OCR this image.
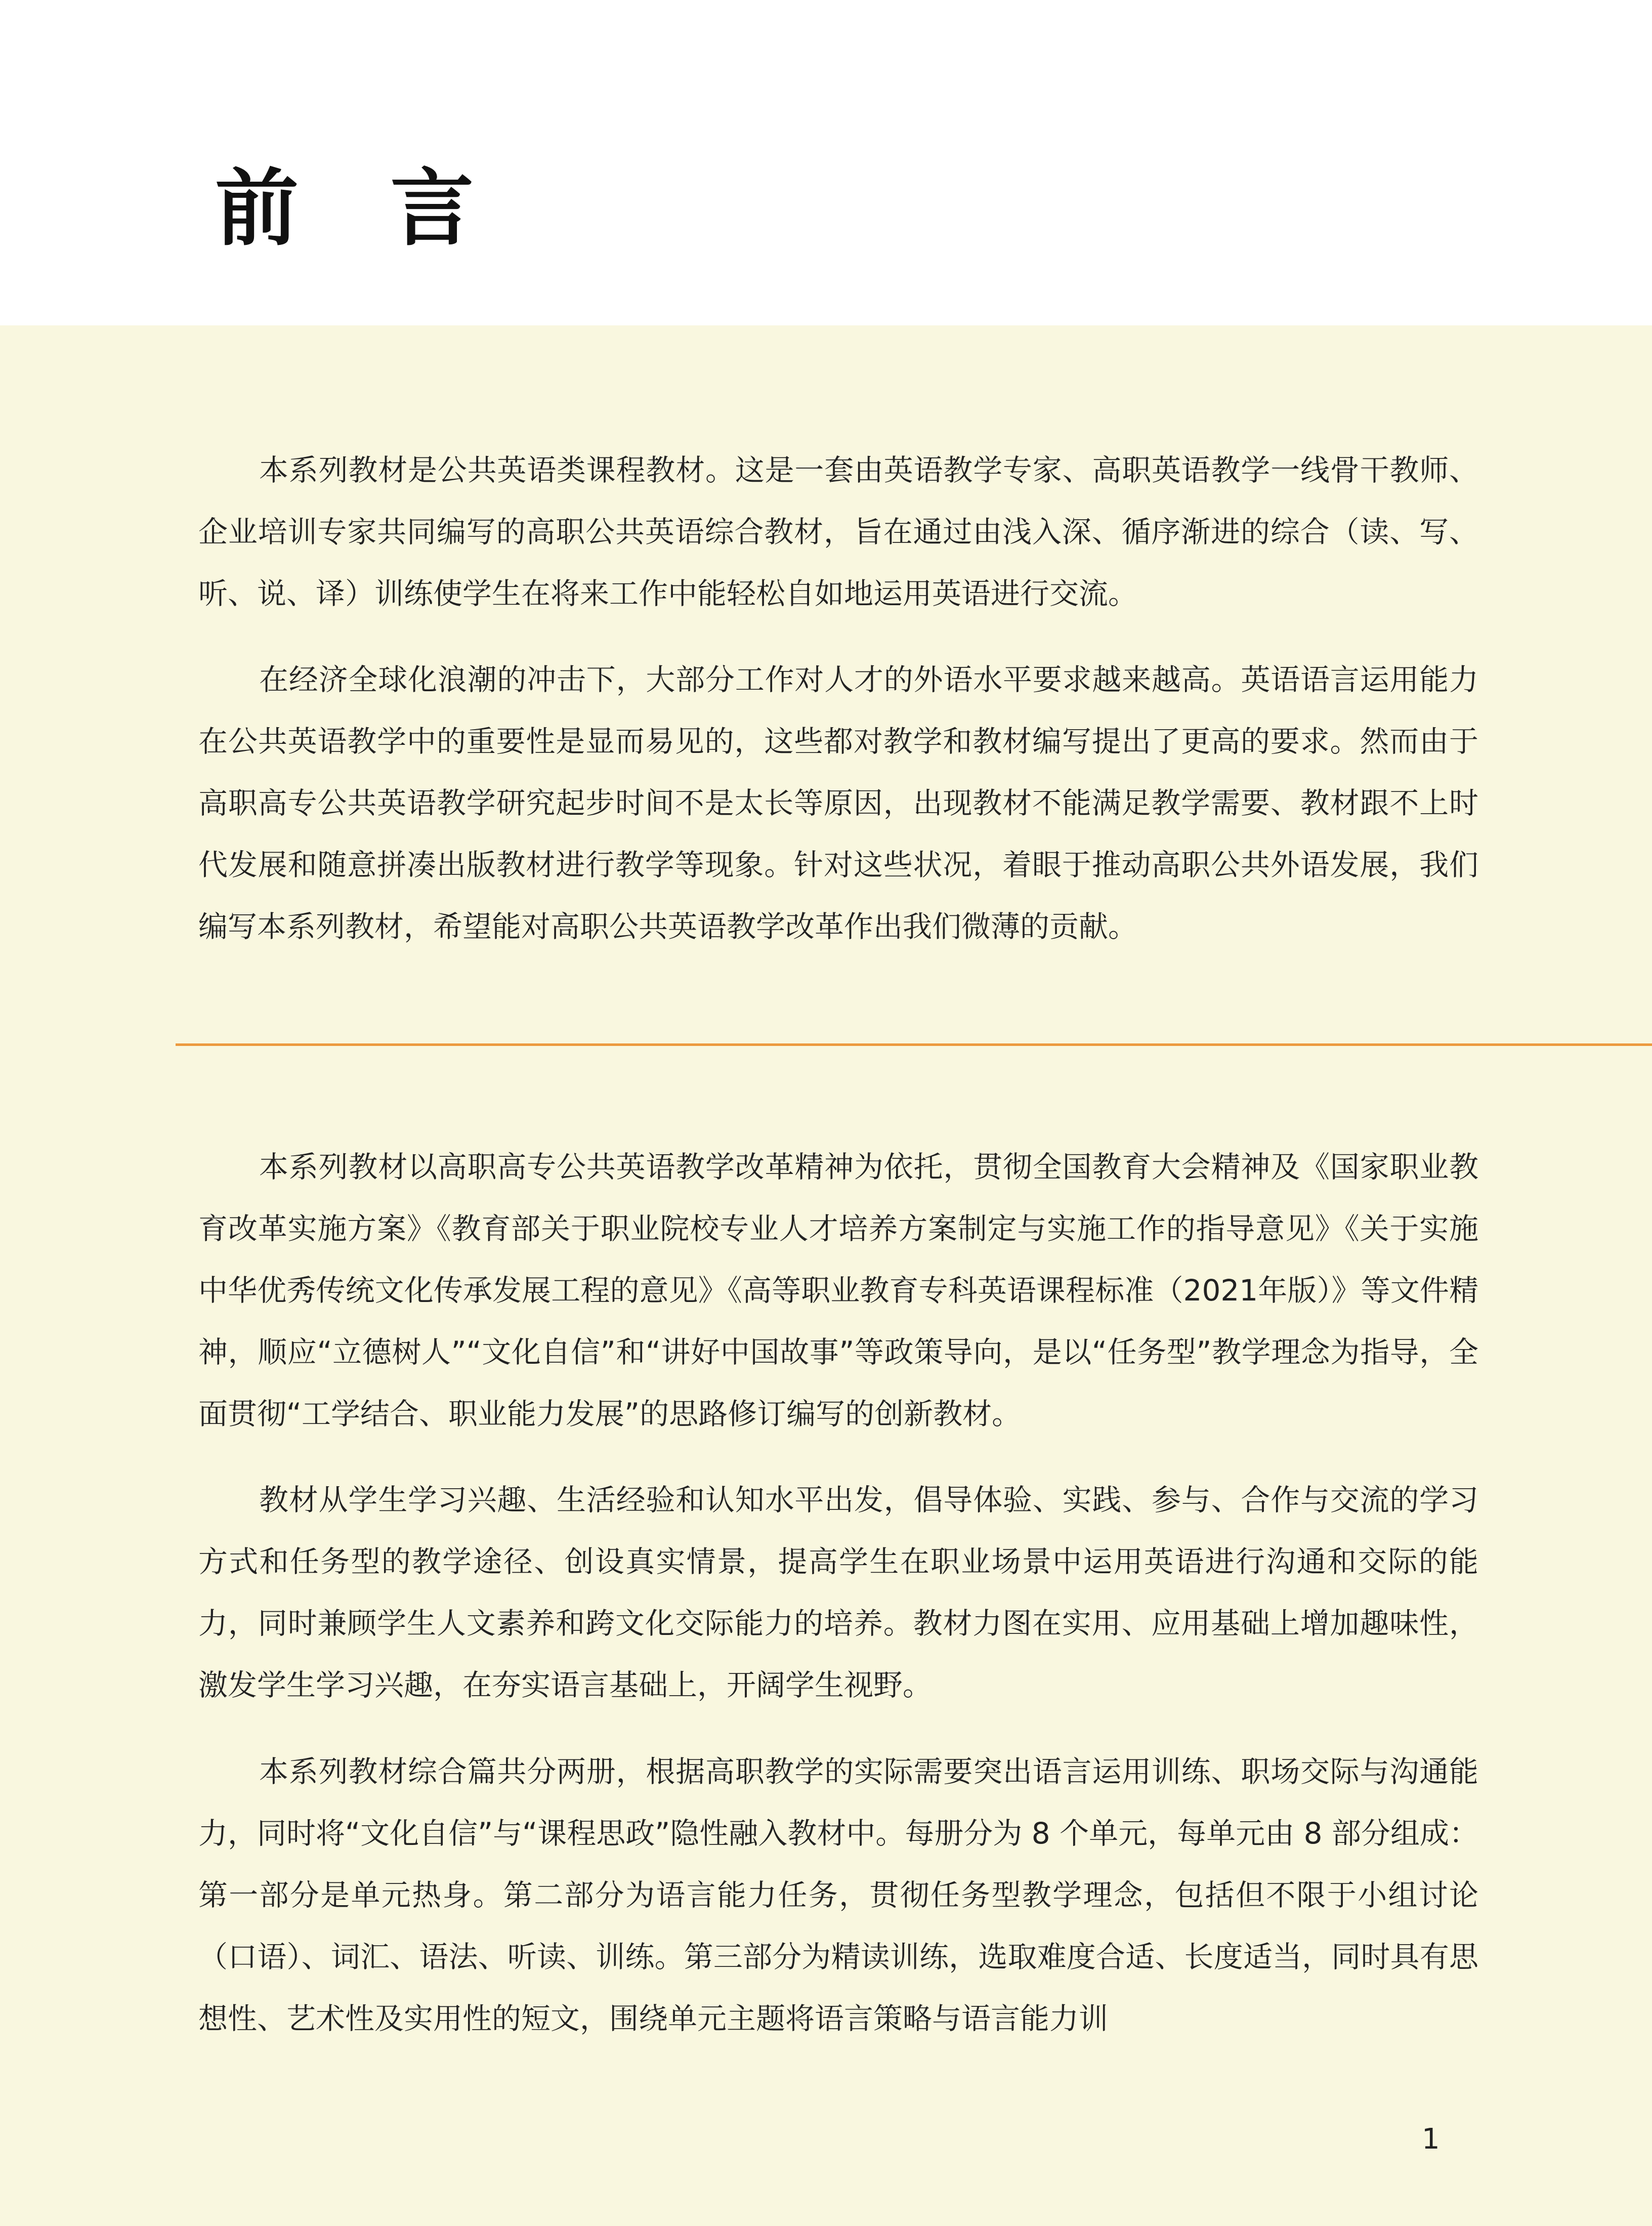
前 言

本系列教材是公共英语类课程教材。这是一套由英语教学专家、高职英语教学一线骨干教师、企业培训专家共同编写的高职公共英语综合教材，旨在通过由浅入深、循序渐进的综合（读、写、听、说、译）训练使学生在将来工作中能轻松自如地运用英语进行交流。

在经济全球化浪潮的冲击下，大部分工作对人才的外语水平要求越来越高。英语语言运用能力在公共英语教学中的重要性是显而易见的，这些都对教学和教材编写提出了更高的要求。然而由于高职高专公共英语教学研究起步时间不是太长等原因，出现教材不能满足教学需要、教材跟不上时代发展和随意拼凑出版教材进行教学等现象。针对这些状况，着眼于推动高职公共外语发展，我们编写本系列教材，希望能对高职公共英语教学改革作出我们微薄的贡献。

本系列教材以高职高专公共英语教学改革精神为依托，贯彻全国教育大会精神及《国家职业教育改革实施方案》《教育部关于职业院校专业人才培养方案制定与实施工作的指导意见》《关于实施中华优秀传统文化传承发展工程的意见》《高等职业教育专科英语课程标准（2021年版）》等文件精神，顺应“立德树人”“文化自信”和“讲好中国故事”等政策导向，是以“任务型”教学理念为指导，全面贯彻“工学结合、职业能力发展”的思路修订编写的创新教材。

教材从学生学习兴趣、生活经验和认知水平出发，倡导体验、实践、参与、合作与交流的学习方式和任务型的教学途径、创设真实情景，提高学生在职业场景中运用英语进行沟通和交际的能力，同时兼顾学生人文素养和跨文化交际能力的培养。教材力图在实用、应用基础上增加趣味性，激发学生学习兴趣，在夯实语言基础上，开阔学生视野。

本系列教材综合篇共分两册，根据高职教学的实际需要突出语言运用训练、职场交际与沟通能力，同时将“文化自信”与“课程思政”隐性融入教材中。每册分为 8 个单元，每单元由 8 部分组成：第一部分是单元热身。第二部分为语言能力任务，贯彻任务型教学理念，包括但不限于小组讨论（口语）、词汇、语法、听读、训练。第三部分为精读训练，选取难度合适、长度适当，同时具有思想性、艺术性及实用性的短文，围绕单元主题将语言策略与语言能力训

1
